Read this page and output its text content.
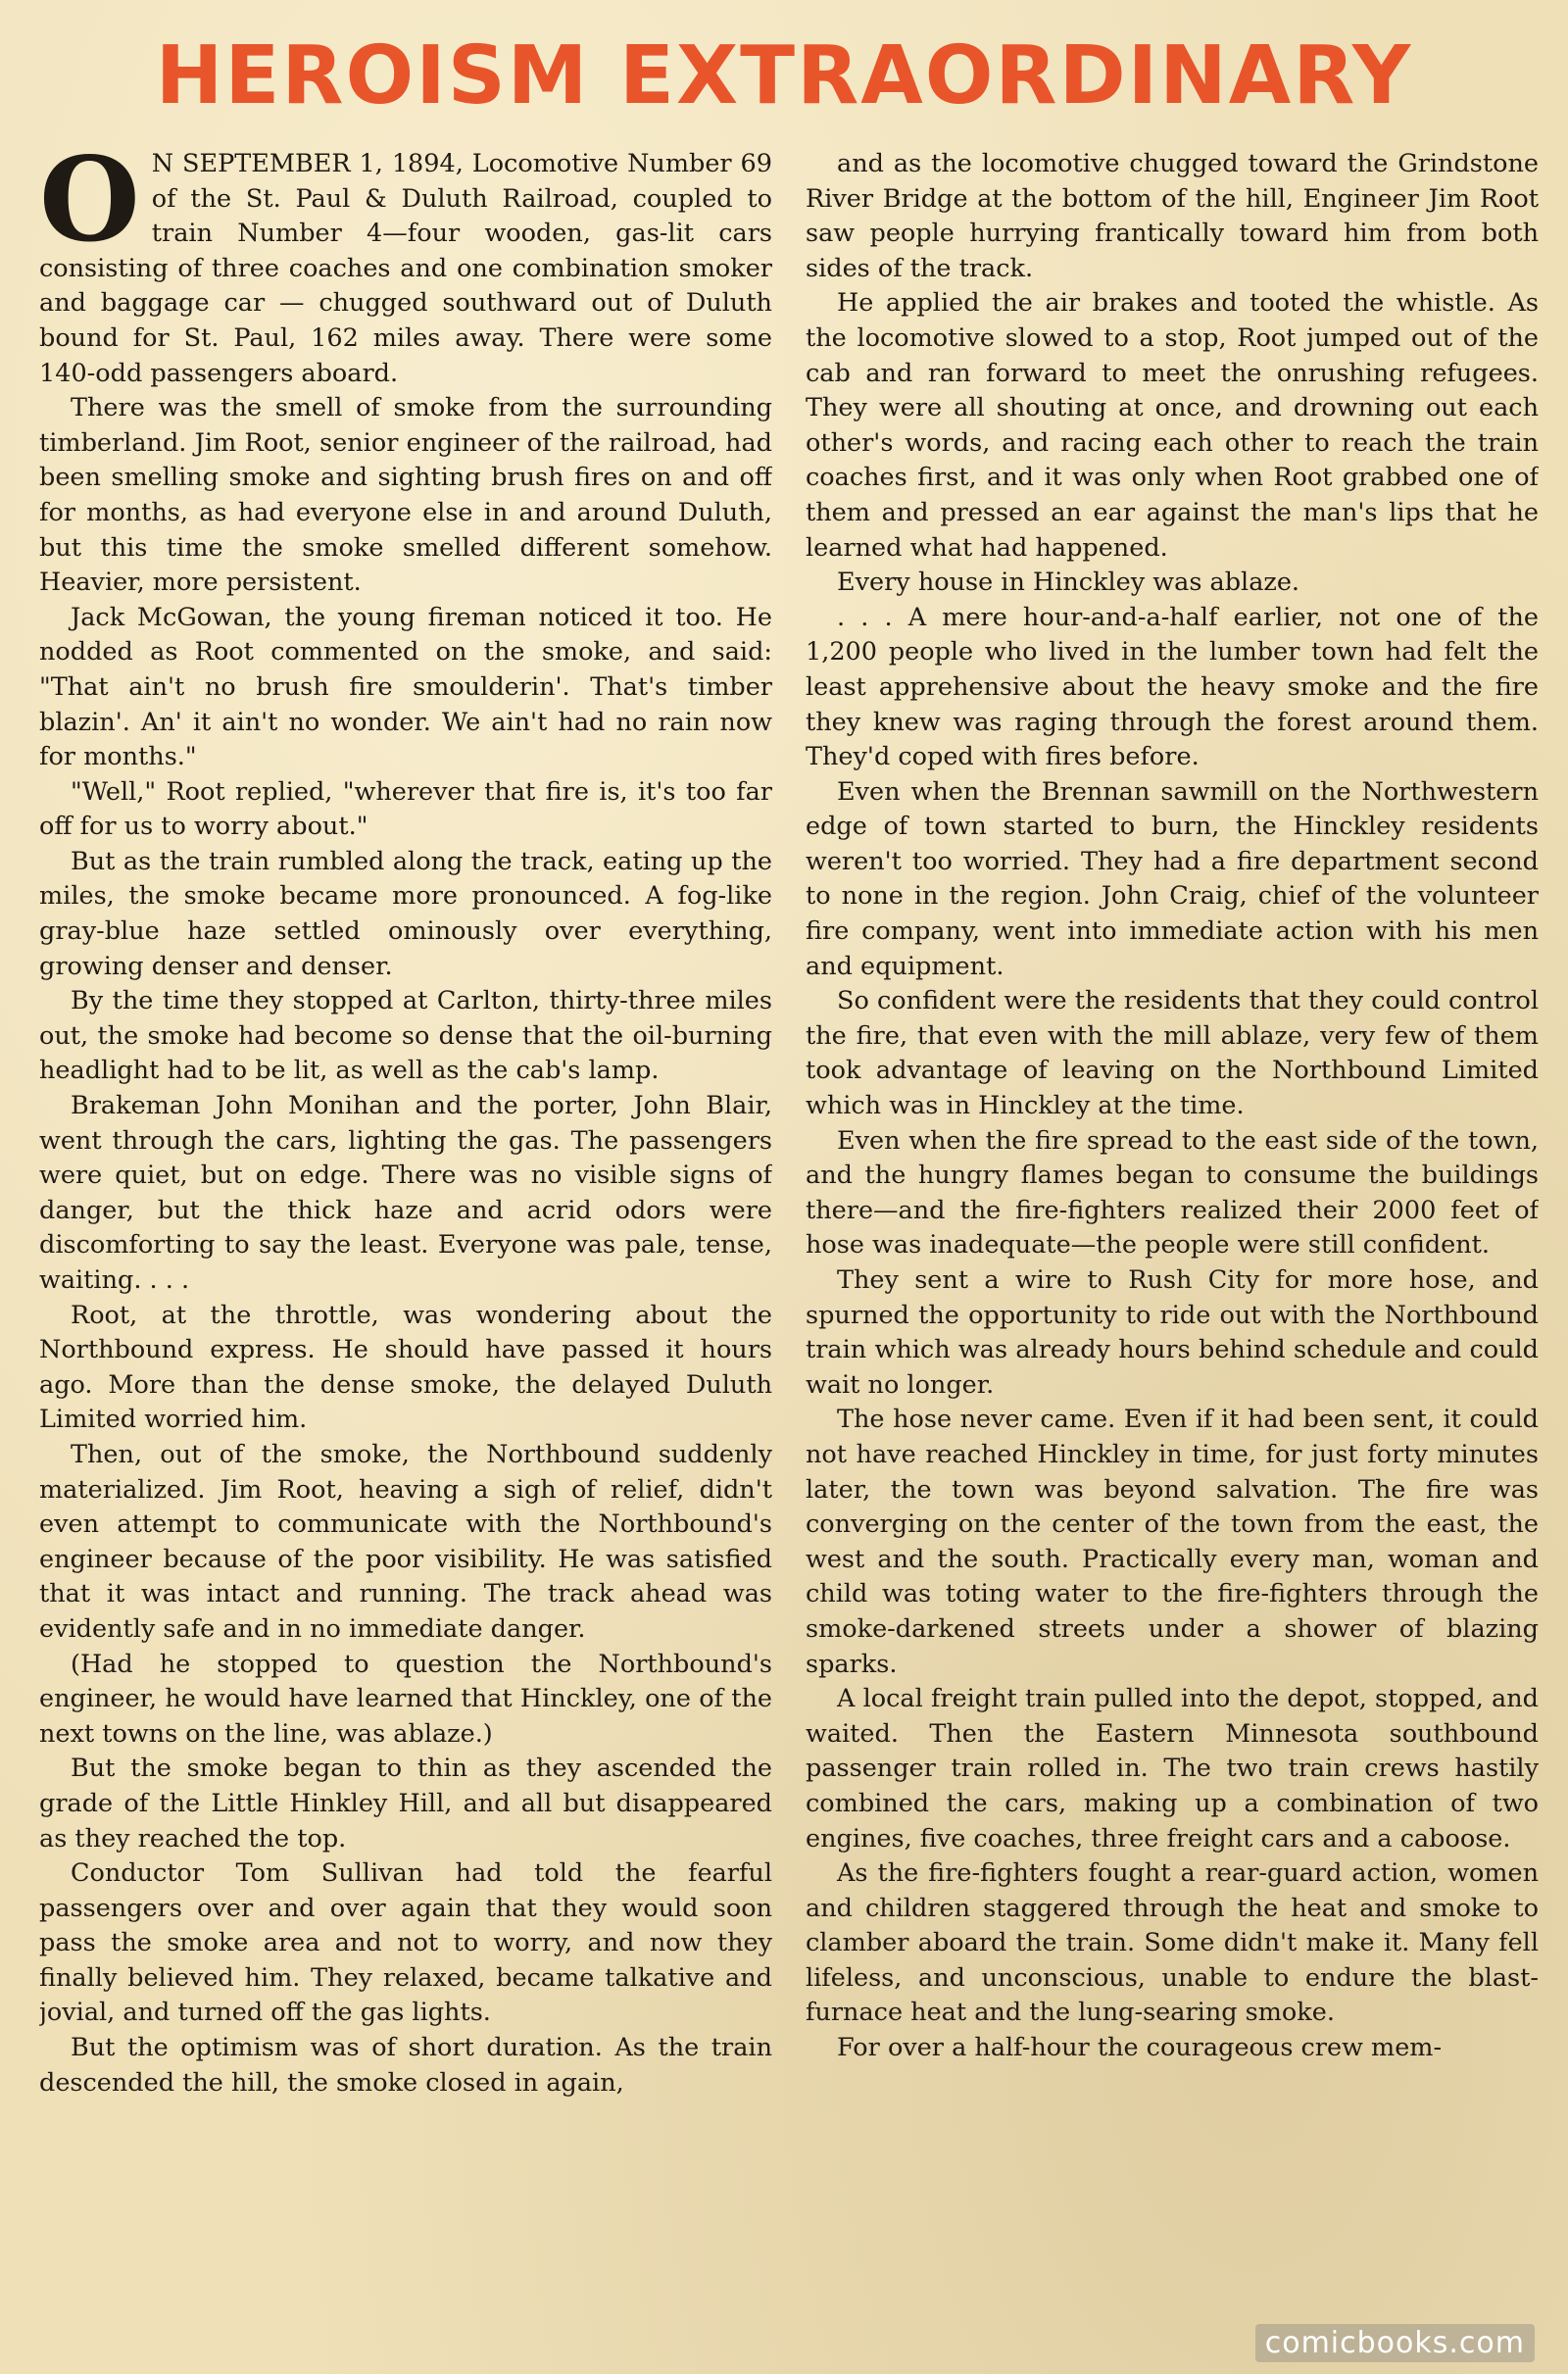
HEROISM EXTRAORDINARY

O N SEPTEMBER 1, 1894, Locomotive Number 69 of the St. Paul & Duluth Railroad, coupled to train Number 4—four wooden, gas-lit cars consisting of three coaches and one combination smoker and baggage car — chugged southward out of Duluth bound for St. Paul, 162 miles away. There were some 140-odd passengers aboard.

There was the smell of smoke from the surrounding timberland. Jim Root, senior engineer of the railroad, had been smelling smoke and sighting brush fires on and off for months, as had everyone else in and around Duluth, but this time the smoke smelled different somehow. Heavier, more persistent.

Jack McGowan, the young fireman noticed it too. He nodded as Root commented on the smoke, and said: "That ain't no brush fire smoulderin'. That's timber blazin'. An' it ain't no wonder. We ain't had no rain now for months."

"Well," Root replied, "wherever that fire is, it's too far off for us to worry about."

But as the train rumbled along the track, eating up the miles, the smoke became more pronounced. A fog-like gray-blue haze settled ominously over everything, growing denser and denser.

By the time they stopped at Carlton, thirty-three miles out, the smoke had become so dense that the oil-burning headlight had to be lit, as well as the cab's lamp.

Brakeman John Monihan and the porter, John Blair, went through the cars, lighting the gas. The passengers were quiet, but on edge. There was no visible signs of danger, but the thick haze and acrid odors were discomforting to say the least. Everyone was pale, tense, waiting. . . .

Root, at the throttle, was wondering about the Northbound express. He should have passed it hours ago. More than the dense smoke, the delayed Duluth Limited worried him.

Then, out of the smoke, the Northbound suddenly materialized. Jim Root, heaving a sigh of relief, didn't even attempt to communicate with the Northbound's engineer because of the poor visibility. He was satisfied that it was intact and running. The track ahead was evidently safe and in no immediate danger.

(Had he stopped to question the Northbound's engineer, he would have learned that Hinckley, one of the next towns on the line, was ablaze.)

But the smoke began to thin as they ascended the grade of the Little Hinkley Hill, and all but disappeared as they reached the top.

Conductor Tom Sullivan had told the fearful passengers over and over again that they would soon pass the smoke area and not to worry, and now they finally believed him. They relaxed, became talkative and jovial, and turned off the gas lights.

But the optimism was of short duration. As the train descended the hill, the smoke closed in again,

and as the locomotive chugged toward the Grindstone River Bridge at the bottom of the hill, Engineer Jim Root saw people hurrying frantically toward him from both sides of the track.

He applied the air brakes and tooted the whistle. As the locomotive slowed to a stop, Root jumped out of the cab and ran forward to meet the onrushing refugees. They were all shouting at once, and drowning out each other's words, and racing each other to reach the train coaches first, and it was only when Root grabbed one of them and pressed an ear against the man's lips that he learned what had happened.

Every house in Hinckley was ablaze.

. . . A mere hour-and-a-half earlier, not one of the 1,200 people who lived in the lumber town had felt the least apprehensive about the heavy smoke and the fire they knew was raging through the forest around them. They'd coped with fires before.

Even when the Brennan sawmill on the Northwestern edge of town started to burn, the Hinckley residents weren't too worried. They had a fire department second to none in the region. John Craig, chief of the volunteer fire company, went into immediate action with his men and equipment.

So confident were the residents that they could control the fire, that even with the mill ablaze, very few of them took advantage of leaving on the Northbound Limited which was in Hinckley at the time.

Even when the fire spread to the east side of the town, and the hungry flames began to consume the buildings there—and the fire-fighters realized their 2000 feet of hose was inadequate—the people were still confident.

They sent a wire to Rush City for more hose, and spurned the opportunity to ride out with the Northbound train which was already hours behind schedule and could wait no longer.

The hose never came. Even if it had been sent, it could not have reached Hinckley in time, for just forty minutes later, the town was beyond salvation. The fire was converging on the center of the town from the east, the west and the south. Practically every man, woman and child was toting water to the fire-fighters through the smoke-darkened streets under a shower of blazing sparks.

A local freight train pulled into the depot, stopped, and waited. Then the Eastern Minnesota southbound passenger train rolled in. The two train crews hastily combined the cars, making up a combination of two engines, five coaches, three freight cars and a caboose.

As the fire-fighters fought a rear-guard action, women and children staggered through the heat and smoke to clamber aboard the train. Some didn't make it. Many fell lifeless, and unconscious, unable to endure the blast-furnace heat and the lung-searing smoke.

For over a half-hour the courageous crew mem-

comicbooks.com
